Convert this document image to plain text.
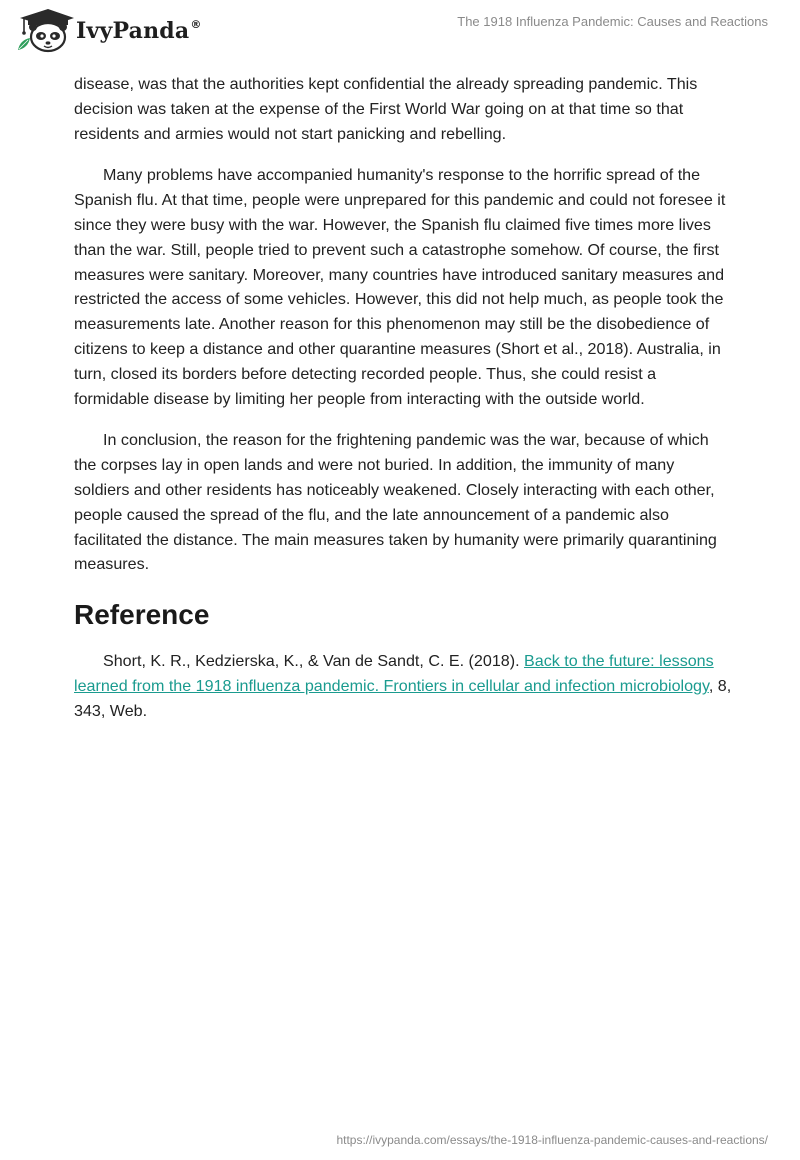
IvyPanda®	The 1918 Influenza Pandemic: Causes and Reactions

disease, was that the authorities kept confidential the already spreading pandemic. This decision was taken at the expense of the First World War going on at that time so that residents and armies would not start panicking and rebelling.

Many problems have accompanied humanity's response to the horrific spread of the Spanish flu. At that time, people were unprepared for this pandemic and could not foresee it since they were busy with the war. However, the Spanish flu claimed five times more lives than the war. Still, people tried to prevent such a catastrophe somehow. Of course, the first measures were sanitary. Moreover, many countries have introduced sanitary measures and restricted the access of some vehicles. However, this did not help much, as people took the measurements late. Another reason for this phenomenon may still be the disobedience of citizens to keep a distance and other quarantine measures (Short et al., 2018). Australia, in turn, closed its borders before detecting recorded people. Thus, she could resist a formidable disease by limiting her people from interacting with the outside world.

In conclusion, the reason for the frightening pandemic was the war, because of which the corpses lay in open lands and were not buried. In addition, the immunity of many soldiers and other residents has noticeably weakened. Closely interacting with each other, people caused the spread of the flu, and the late announcement of a pandemic also facilitated the distance. The main measures taken by humanity were primarily quarantining measures.

Reference

Short, K. R., Kedzierska, K., & Van de Sandt, C. E. (2018). Back to the future: lessons learned from the 1918 influenza pandemic. Frontiers in cellular and infection microbiology, 8, 343, Web.

https://ivypanda.com/essays/the-1918-influenza-pandemic-causes-and-reactions/
